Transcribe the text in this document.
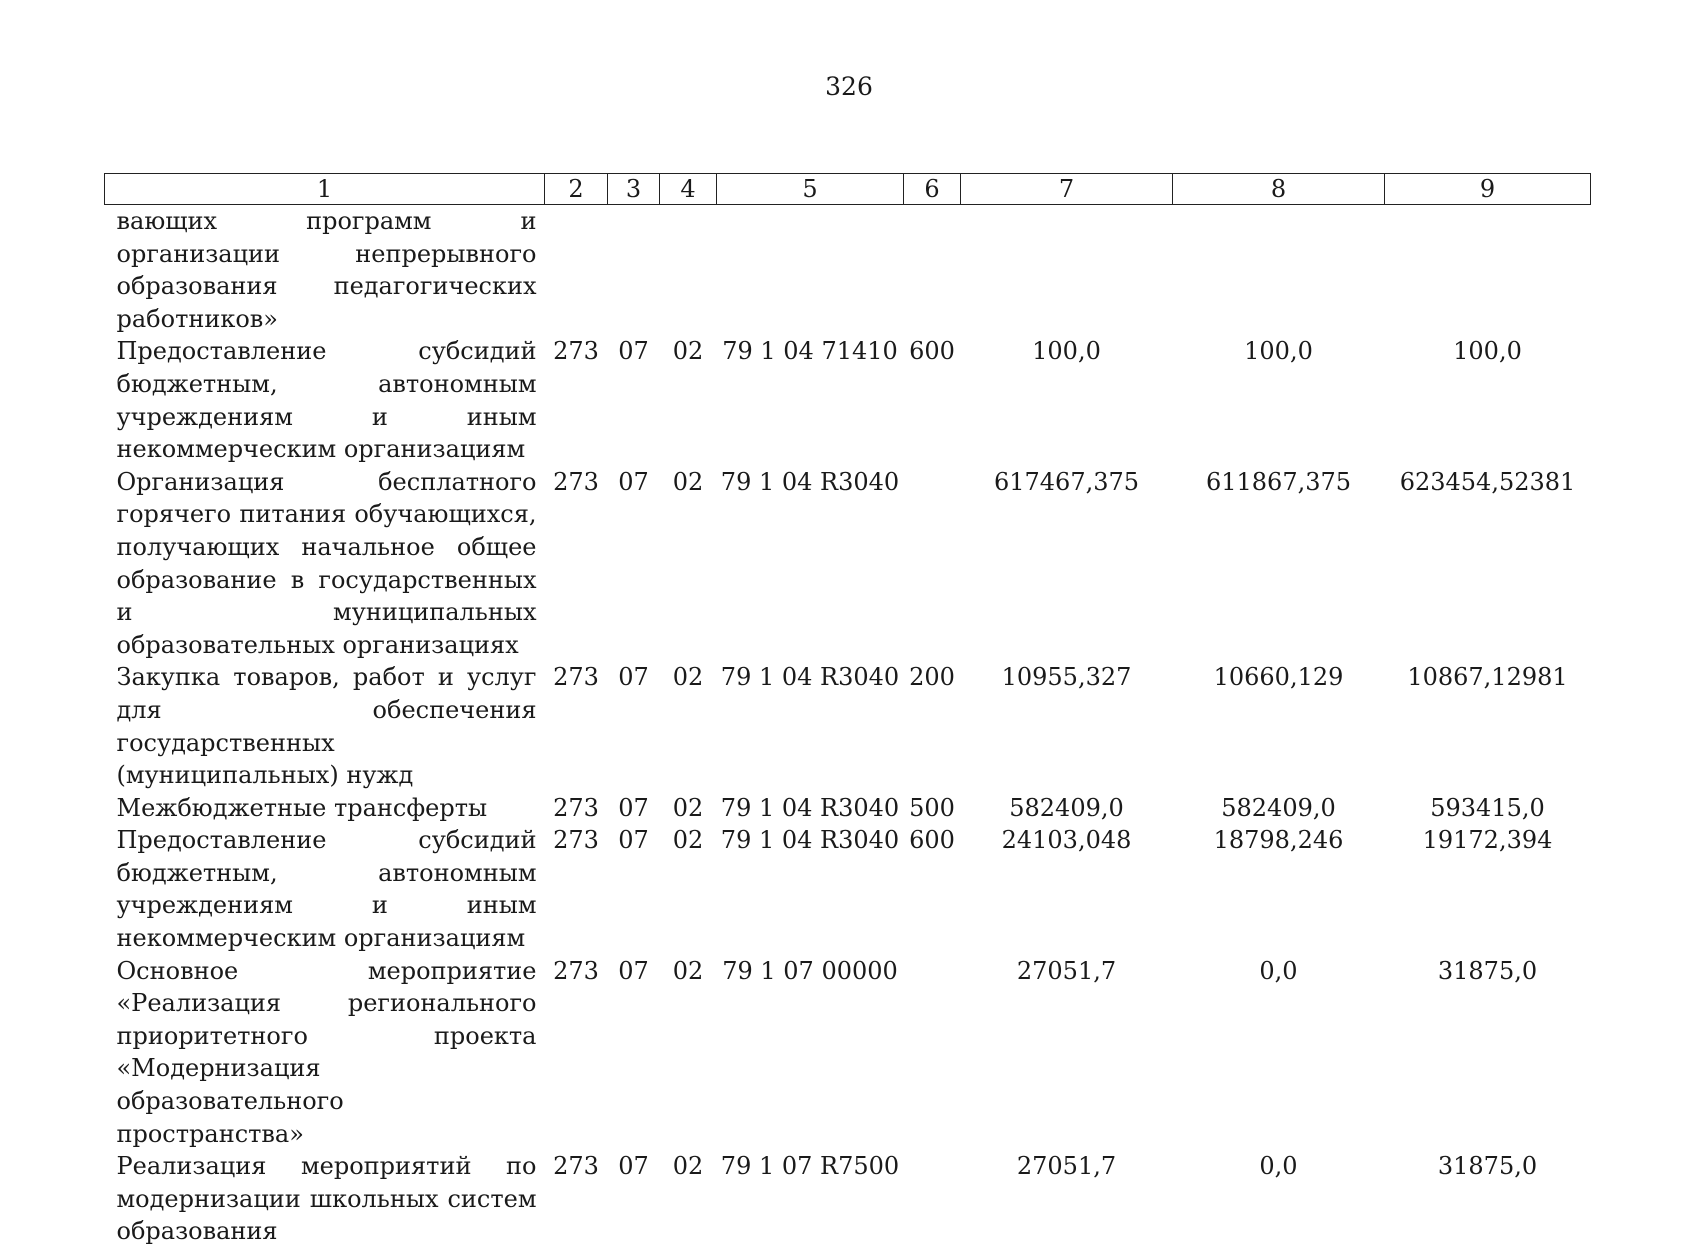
326
1	2	3	4	5	6	7	8	9
вающих программ и организации непрерывного образования педагогических работников»								
Предоставление субсидий бюджетным, автономным учреждениям и иным некоммерческим организациям	273	07	02	79 1 04 71410	600	100,0	100,0	100,0
Организация бесплатного горячего питания обучающихся, получающих начальное общее образование в государственных и муниципальных образовательных организациях	273	07	02	79 1 04 R3040		617467,375	611867,375	623454,52381
Закупка товаров, работ и услуг для обеспечения государственных (муниципальных) нужд	273	07	02	79 1 04 R3040	200	10955,327	10660,129	10867,12981
Межбюджетные трансферты	273	07	02	79 1 04 R3040	500	582409,0	582409,0	593415,0
Предоставление субсидий бюджетным, автономным учреждениям и иным некоммерческим организациям	273	07	02	79 1 04 R3040	600	24103,048	18798,246	19172,394
Основное мероприятие «Реализация регионального приоритетного проекта «Модернизация образовательного пространства»	273	07	02	79 1 07 00000		27051,7	0,0	31875,0
Реализация мероприятий по модернизации школьных систем образования	273	07	02	79 1 07 R7500		27051,7	0,0	31875,0
